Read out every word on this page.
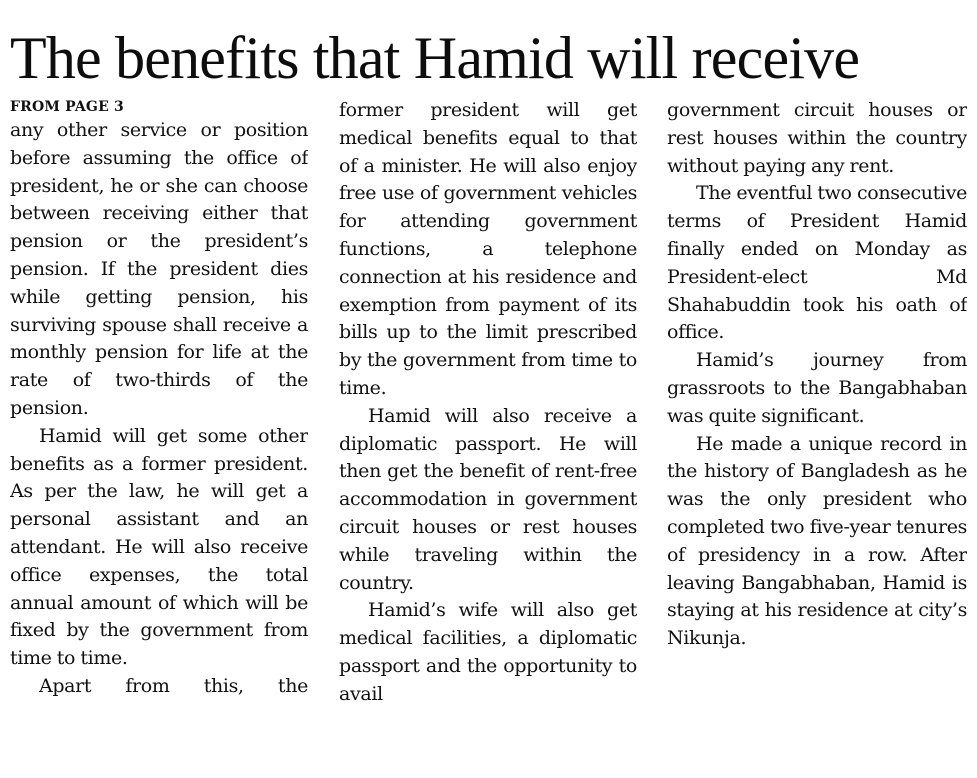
The benefits that Hamid will receive
FROM PAGE 3

any other service or position before assuming the office of president, he or she can choose between receiving either that pension or the president’s pension. If the president dies while getting pension, his surviving spouse shall receive a monthly pension for life at the rate of two-thirds of the pension.

Hamid will get some other benefits as a former president. As per the law, he will get a personal assistant and an attendant. He will also receive office expenses, the total annual amount of which will be fixed by the government from time to time.

Apart from this, the

former president will get medical benefits equal to that of a minister. He will also enjoy free use of government vehicles for attending government functions, a telephone connection at his residence and exemption from payment of its bills up to the limit prescribed by the government from time to time.

Hamid will also receive a diplomatic passport. He will then get the benefit of rent-free accommodation in government circuit houses or rest houses while traveling within the country.

Hamid’s wife will also get medical facilities, a diplomatic passport and the opportunity to avail

government circuit houses or rest houses within the country without paying any rent.

The eventful two consecutive terms of President Hamid finally ended on Monday as President-elect Md Shahabuddin took his oath of office.

Hamid’s journey from grassroots to the Bangabhaban was quite significant.

He made a unique record in the history of Bangladesh as he was the only president who completed two five-year tenures of presidency in a row. After leaving Bangabhaban, Hamid is staying at his residence at city’s Nikunja.
